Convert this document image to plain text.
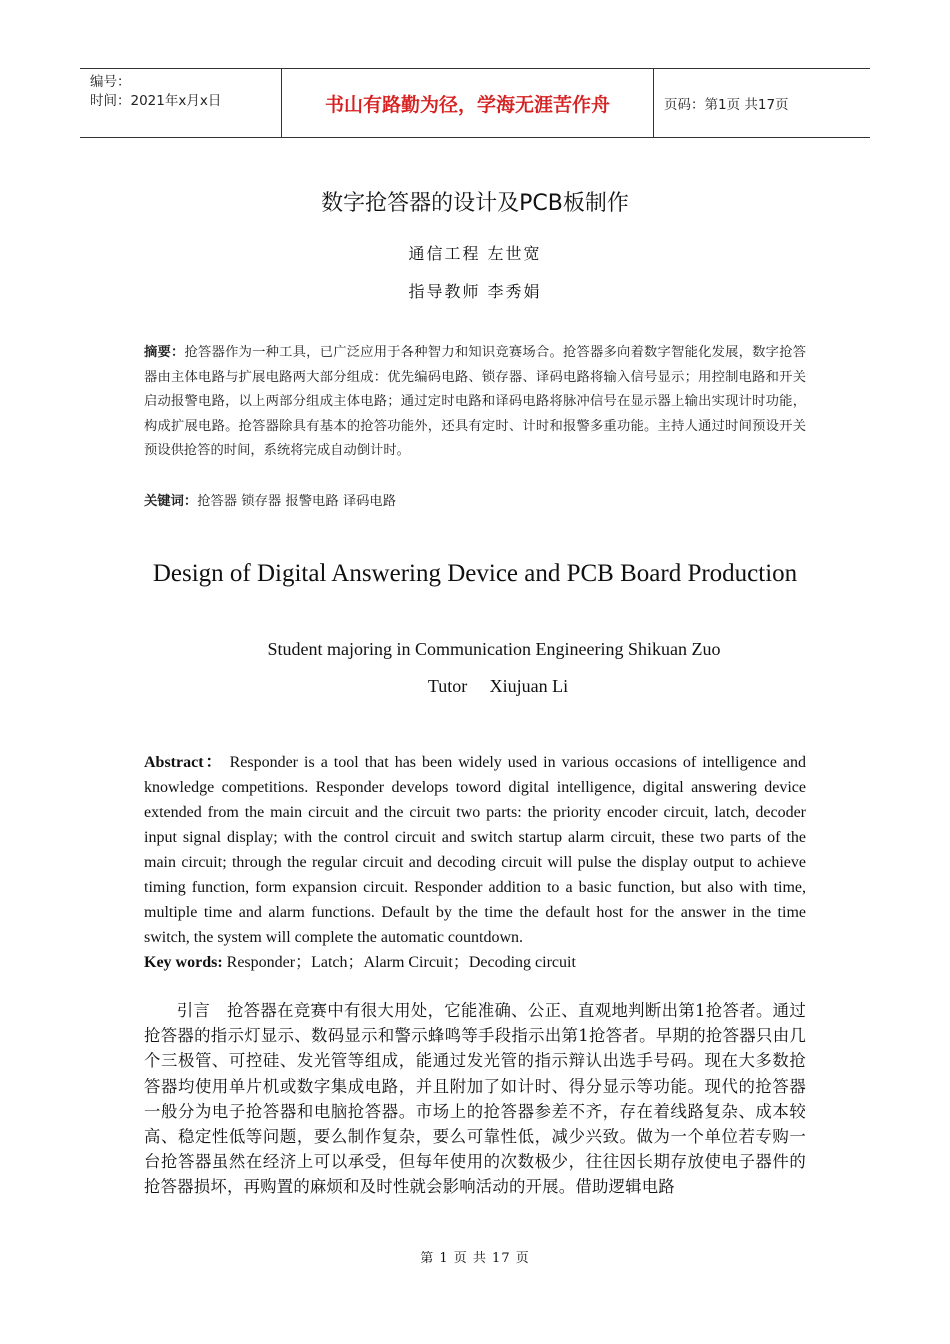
编号：
时间：2021年x月x日	书山有路勤为径，学海无涯苦作舟	页码：第1页 共17页
数字抢答器的设计及PCB板制作
通信工程 左世宽
指导教师 李秀娟
摘要：抢答器作为一种工具，已广泛应用于各种智力和知识竞赛场合。抢答器多向着数字智能化发展，数字抢答器由主体电路与扩展电路两大部分组成：优先编码电路、锁存器、译码电路将输入信号显示；用控制电路和开关启动报警电路，以上两部分组成主体电路；通过定时电路和译码电路将脉冲信号在显示器上输出实现计时功能，构成扩展电路。抢答器除具有基本的抢答功能外，还具有定时、计时和报警多重功能。主持人通过时间预设开关预设供抢答的时间，系统将完成自动倒计时。
关键词：抢答器 锁存器 报警电路 译码电路
Design of Digital Answering Device and PCB Board Production
Student majoring in Communication Engineering Shikuan Zuo
Tutor     Xiujuan Li
Abstract： Responder is a tool that has been widely used in various occasions of intelligence and knowledge competitions. Responder develops toword digital intelligence, digital answering device extended from the main circuit and the circuit two parts: the priority encoder circuit, latch, decoder input signal display; with the control circuit and switch startup alarm circuit, these two parts of the main circuit; through the regular circuit and decoding circuit will pulse the display output to achieve timing function, form expansion circuit. Responder addition to a basic function, but also with time, multiple time and alarm functions. Default by the time the default host for the answer in the time switch, the system will complete the automatic countdown.
Key words: Responder；Latch；Alarm Circuit；Decoding circuit
引言　抢答器在竞赛中有很大用处，它能准确、公正、直观地判断出第1抢答者。通过抢答器的指示灯显示、数码显示和警示蜂鸣等手段指示出第1抢答者。早期的抢答器只由几个三极管、可控硅、发光管等组成，能通过发光管的指示辩认出选手号码。现在大多数抢答器均使用单片机或数字集成电路，并且附加了如计时、得分显示等功能。现代的抢答器一般分为电子抢答器和电脑抢答器。市场上的抢答器参差不齐，存在着线路复杂、成本较高、稳定性低等问题，要么制作复杂，要么可靠性低，减少兴致。做为一个单位若专购一台抢答器虽然在经济上可以承受，但每年使用的次数极少，往往因长期存放使电子器件的抢答器损坏，再购置的麻烦和及时性就会影响活动的开展。借助逻辑电路
第 1 页 共 17 页
